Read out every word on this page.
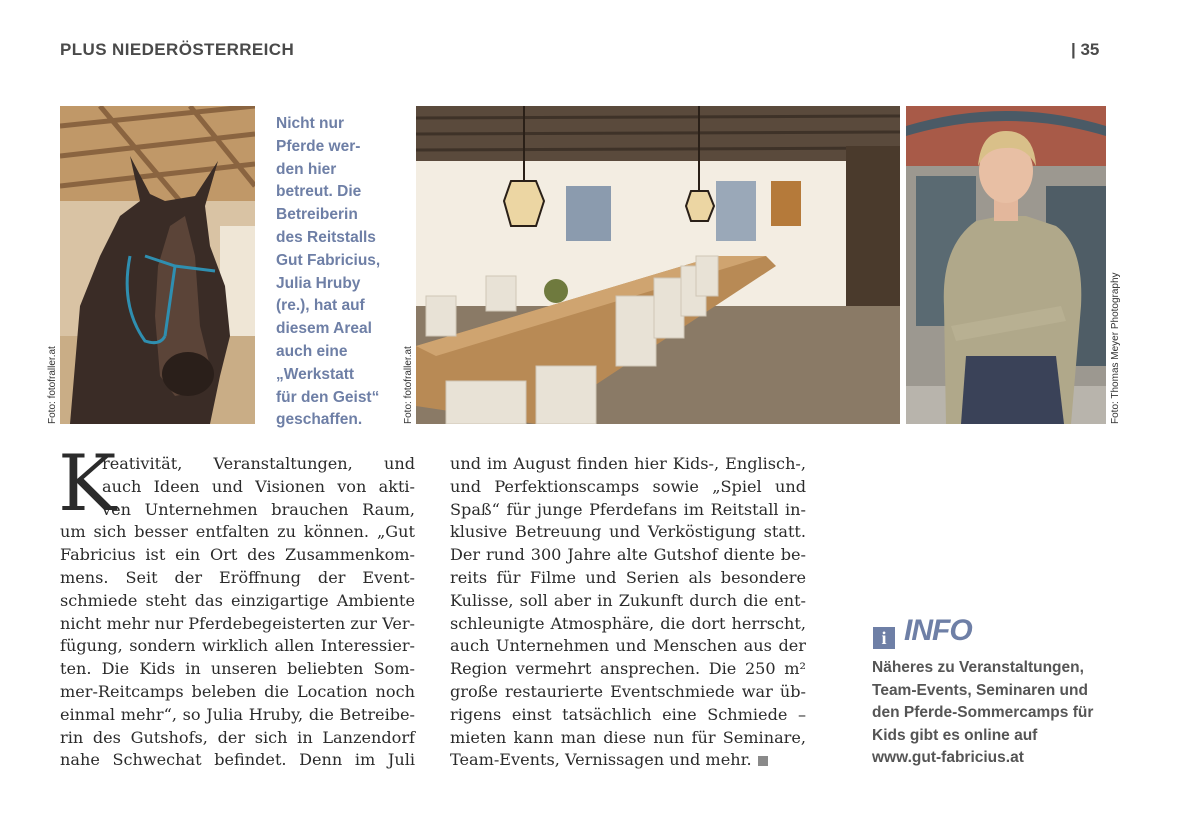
PLUS NIEDERÖSTERREICH	| 35
Foto: fotofraller.at
Nicht nur
Pferde wer-
den hier
betreut. Die
Betreiberin
des Reitstalls
Gut Fabricius,
Julia Hruby
(re.), hat auf
diesem Areal
auch eine
„Werkstatt
für den Geist“
geschaffen.	Foto: fotofraller.at	Foto: Thomas Meyer Photography
K
reativität, Veranstaltungen, und
auch Ideen und Visionen von akti-
ven Unternehmen brauchen Raum,
um sich besser entfalten zu können. „Gut
Fabricius ist ein Ort des Zusammenkom-
mens. Seit der Eröffnung der Event-
schmiede steht das einzigartige Ambiente
nicht mehr nur Pferdebegeisterten zur Ver-
fügung, sondern wirklich allen Interessier-
ten. Die Kids in unseren beliebten Som-
mer-Reitcamps beleben die Location noch
einmal mehr“, so Julia Hruby, die Betreibe-
rin des Gutshofs, der sich in Lanzendorf
nahe Schwechat befindet. Denn im Juli
und im August finden hier Kids-, Englisch-,
und Perfektionscamps sowie „Spiel und
Spaß“ für junge Pferdefans im Reitstall in-
klusive Betreuung und Verköstigung statt.
Der rund 300 Jahre alte Gutshof diente be-
reits für Filme und Serien als besondere
Kulisse, soll aber in Zukunft durch die ent-
schleunigte Atmosphäre, die dort herrscht,
auch Unternehmen und Menschen aus der
Region vermehrt ansprechen. Die 250 m²
große restaurierte Eventschmiede war üb-
rigens einst tatsächlich eine Schmiede –
mieten kann man diese nun für Seminare,
Team-Events, Vernissagen und mehr.
i INFO
Näheres zu Veranstaltungen,
Team-Events, Seminaren und
den Pferde-Sommercamps für
Kids gibt es online auf
www.gut-fabricius.at
